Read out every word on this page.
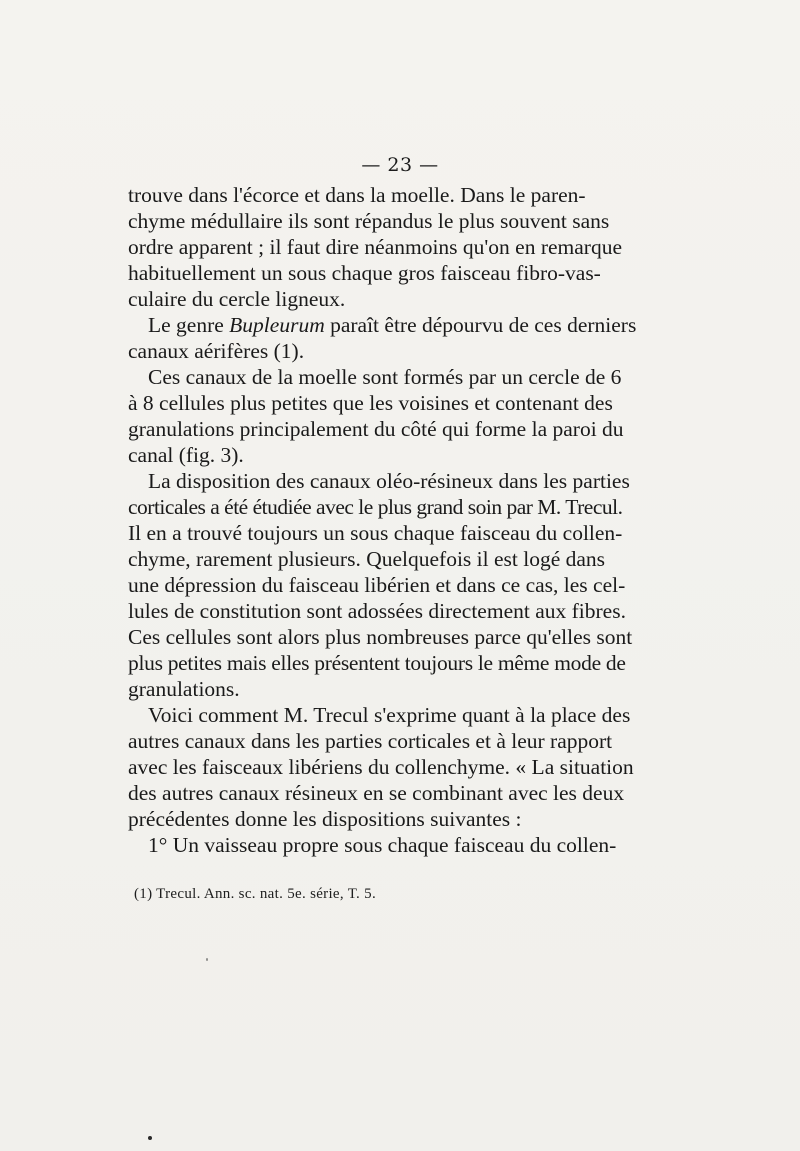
— 23 —
trouve dans l'écorce et dans la moelle. Dans le paren-
chyme médullaire ils sont répandus le plus souvent sans
ordre apparent ; il faut dire néanmoins qu'on en remarque
habituellement un sous chaque gros faisceau fibro-vas-
culaire du cercle ligneux.
Le genre Bupleurum paraît être dépourvu de ces derniers
canaux aérifères (1).
Ces canaux de la moelle sont formés par un cercle de 6
à 8 cellules plus petites que les voisines et contenant des
granulations principalement du côté qui forme la paroi du
canal (fig. 3).
La disposition des canaux oléo-résineux dans les parties
corticales a été étudiée avec le plus grand soin par M. Trecul.
Il en a trouvé toujours un sous chaque faisceau du collen-
chyme, rarement plusieurs. Quelquefois il est logé dans
une dépression du faisceau libérien et dans ce cas, les cel-
lules de constitution sont adossées directement aux fibres.
Ces cellules sont alors plus nombreuses parce qu'elles sont
plus petites mais elles présentent toujours le même mode de
granulations.
Voici comment M. Trecul s'exprime quant à la place des
autres canaux dans les parties corticales et à leur rapport
avec les faisceaux libériens du collenchyme. « La situation
des autres canaux résineux en se combinant avec les deux
précédentes donne les dispositions suivantes :
1° Un vaisseau propre sous chaque faisceau du collen-
(1) Trecul. Ann. sc. nat. 5e. série, T. 5.
